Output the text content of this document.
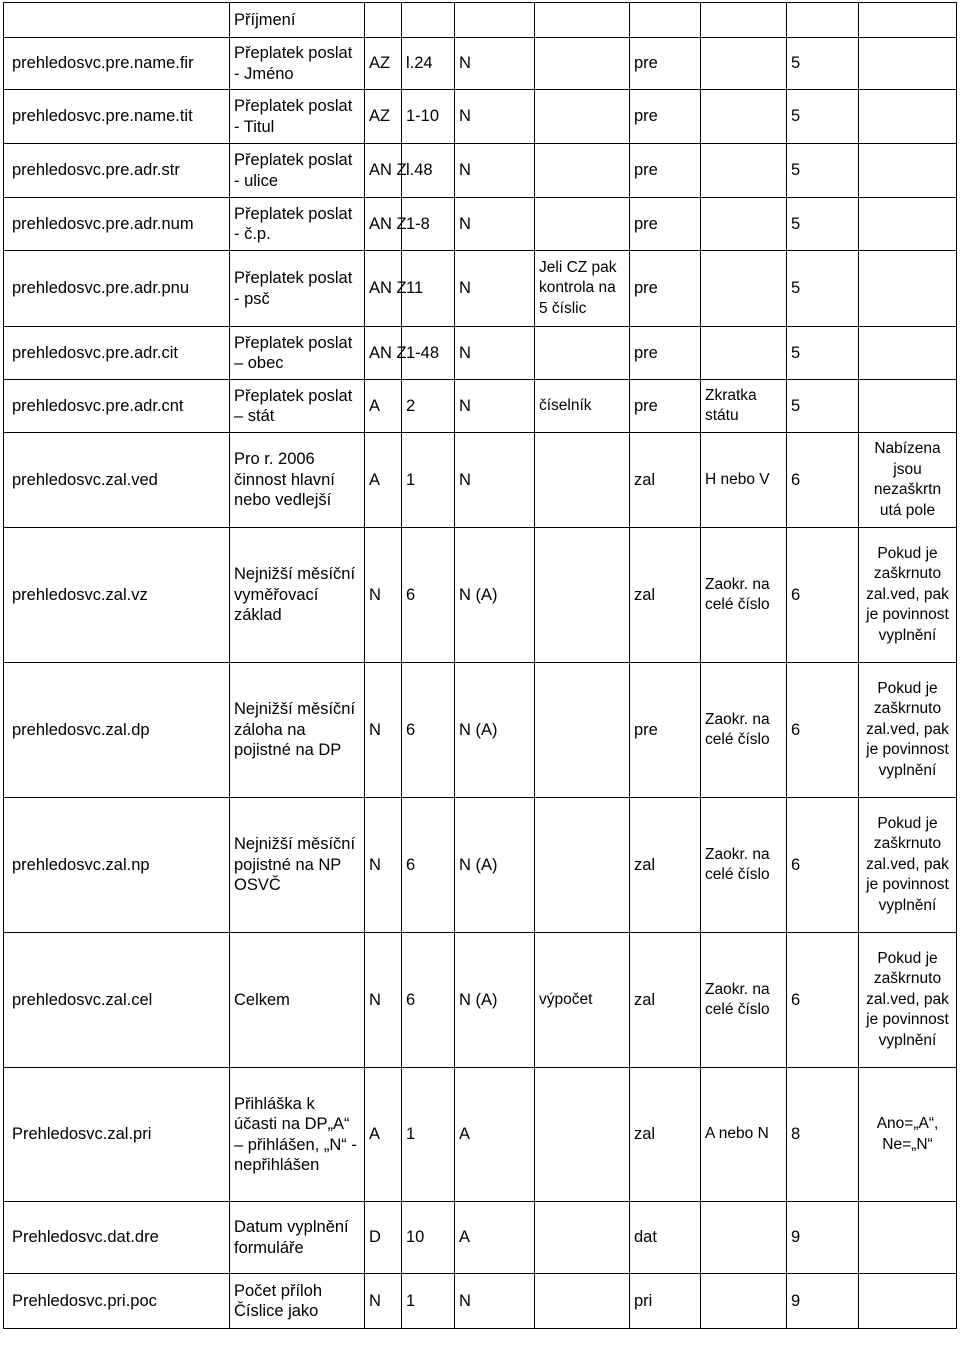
	Příjmení								
prehledosvc.pre.name.fir	Přeplatek poslat - Jméno	AZ	l.24	N		pre		5	
prehledosvc.pre.name.tit	Přeplatek poslat - Titul	AZ	1-10	N		pre		5	
prehledosvc.pre.adr.str	Přeplatek poslat - ulice	AN Z	l.48	N		pre		5	
prehledosvc.pre.adr.num	Přeplatek poslat - č.p.	AN Z	1-8	N		pre		5	
prehledosvc.pre.adr.pnu	Přeplatek poslat - psč	AN Z	11	N	Jeli CZ pak kontrola na 5 číslic	pre		5	
prehledosvc.pre.adr.cit	Přeplatek poslat – obec	AN Z	1-48	N		pre		5	
prehledosvc.pre.adr.cnt	Přeplatek poslat – stát	A	2	N	číselník	pre	Zkratka státu	5	
prehledosvc.zal.ved	Pro r. 2006 činnost hlavní nebo vedlejší	A	1	N		zal	H nebo V	6	Nabízena jsou nezaškrtn utá pole
prehledosvc.zal.vz	Nejnižší měsíční vyměřovací základ	N	6	N (A)		zal	Zaokr. na celé číslo	6	Pokud je zaškrnuto zal.ved, pak je povinnost vyplnění
prehledosvc.zal.dp	Nejnižší měsíční záloha na pojistné na DP	N	6	N (A)		pre	Zaokr. na celé číslo	6	Pokud je zaškrnuto zal.ved, pak je povinnost vyplnění
prehledosvc.zal.np	Nejnižší měsíční pojistné na NP OSVČ	N	6	N (A)		zal	Zaokr. na celé číslo	6	Pokud je zaškrnuto zal.ved, pak je povinnost vyplnění
prehledosvc.zal.cel	Celkem	N	6	N (A)	výpočet	zal	Zaokr. na celé číslo	6	Pokud je zaškrnuto zal.ved, pak je povinnost vyplnění
Prehledosvc.zal.pri	Přihláška k účasti na DP„A“ – přihlášen, „N“ - nepřihlášen	A	1	A		zal	A nebo N	8	Ano=„A“, Ne=„N“
Prehledosvc.dat.dre	Datum vyplnění formuláře	D	10	A		dat		9	
Prehledosvc.pri.poc	Počet příloh Číslice jako	N	1	N		pri		9	
